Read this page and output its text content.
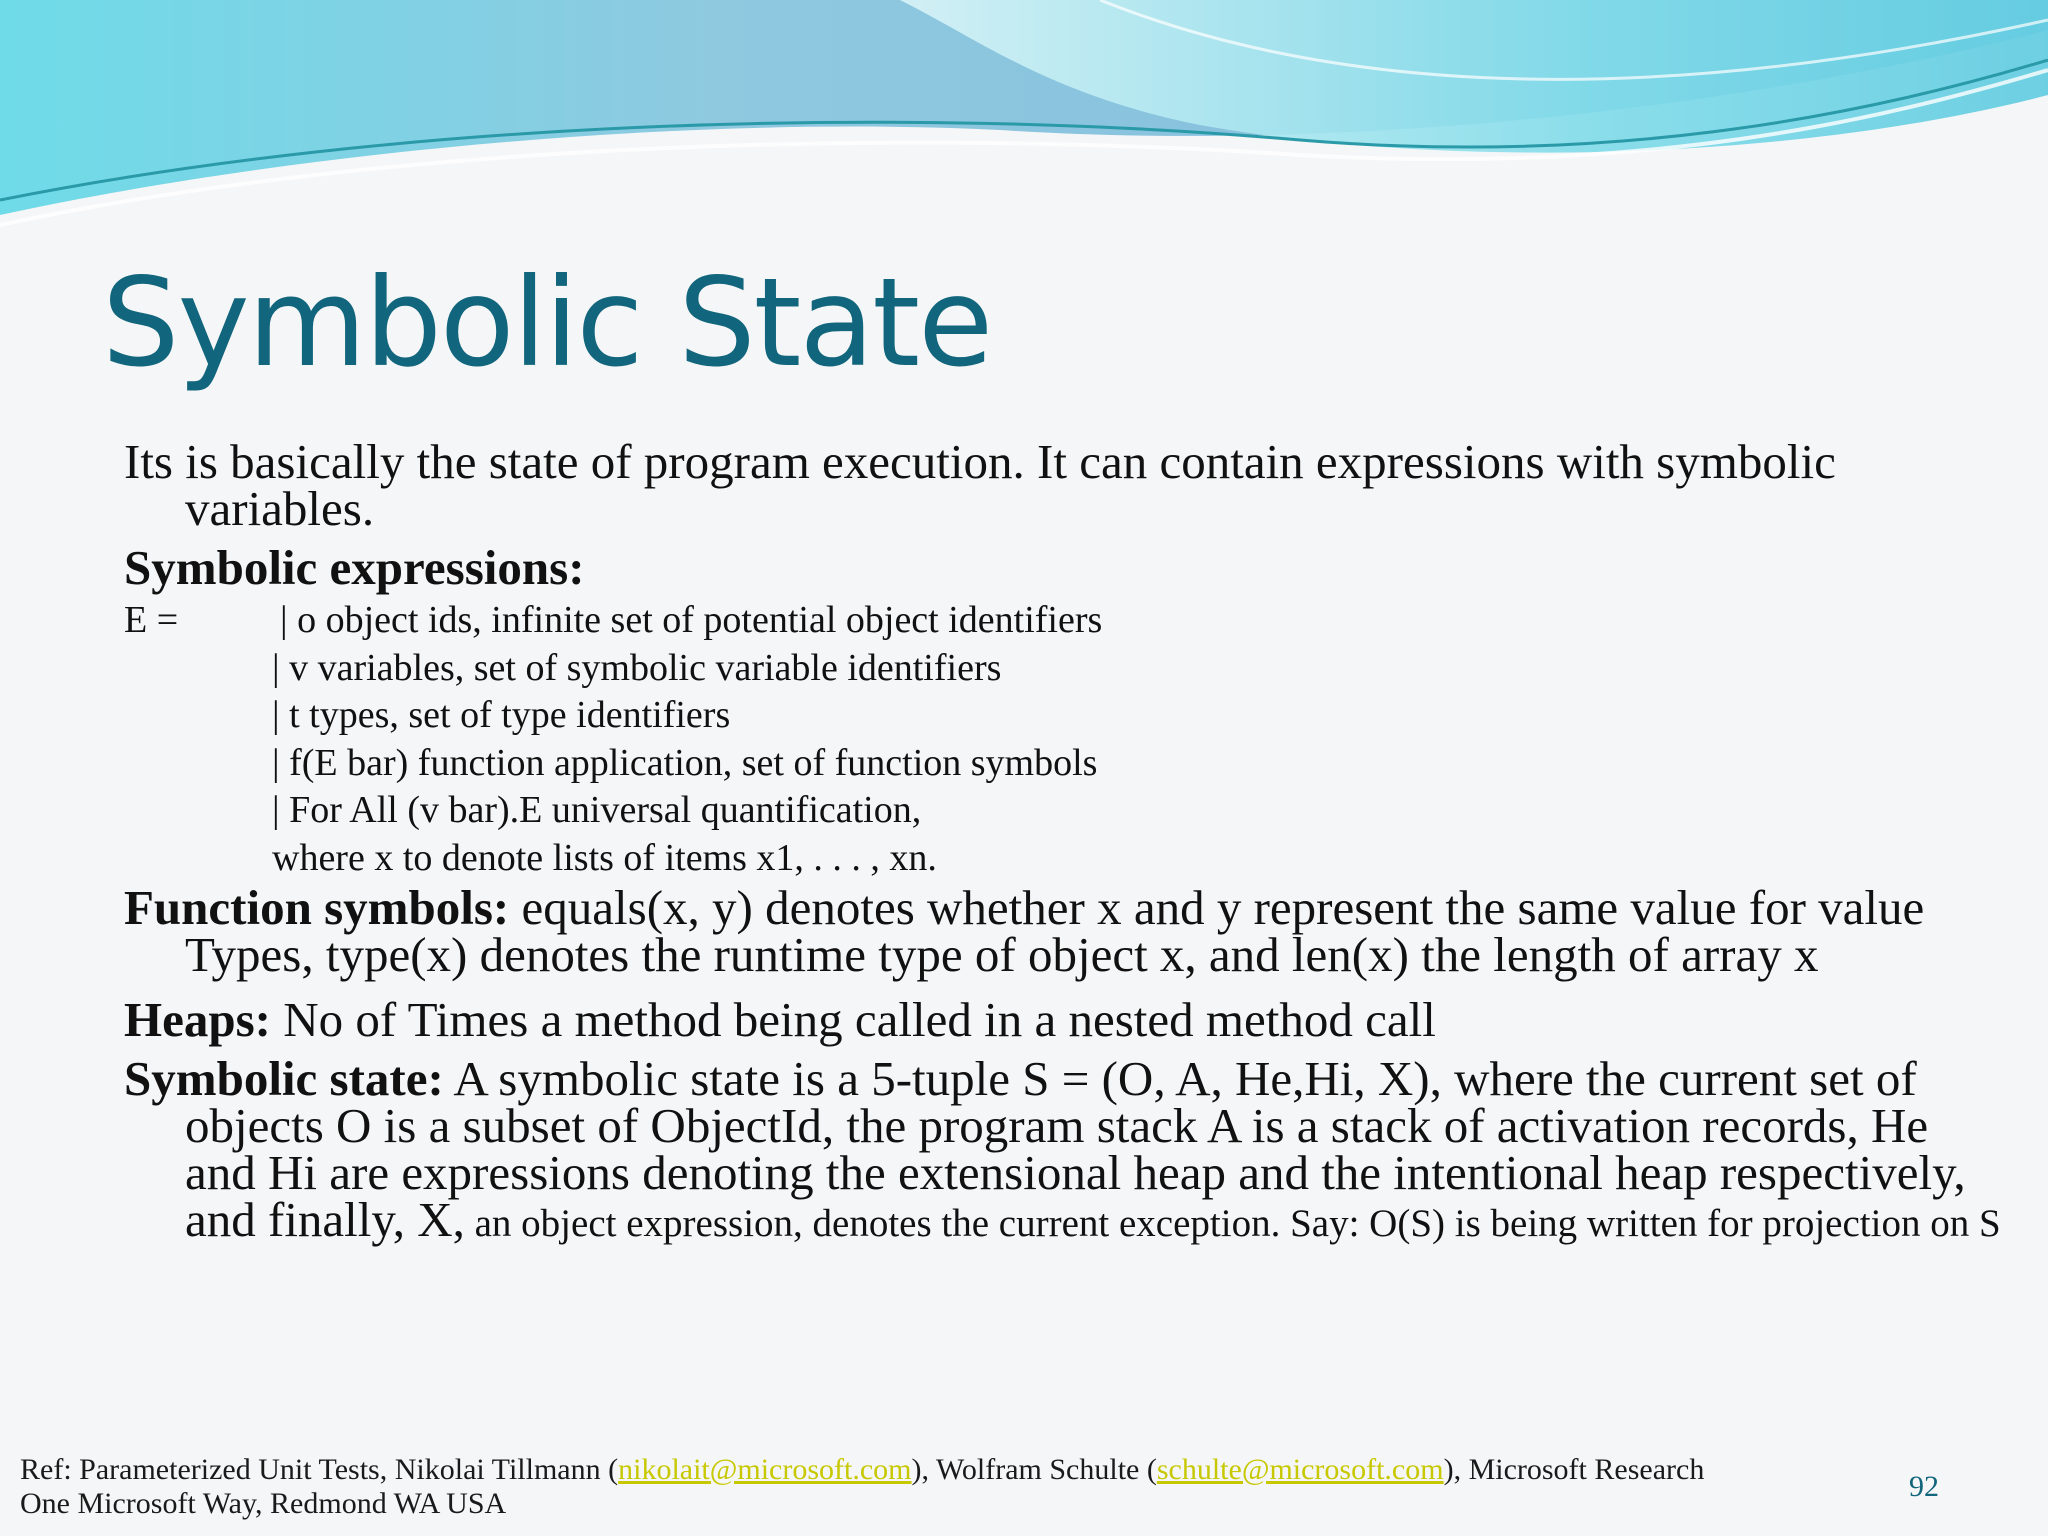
Symbolic State

Its is basically the state of program execution. It can contain expressions with symbolic variables.

Symbolic expressions:

E =	| o object ids, infinite set of potential object identifiers
| v variables, set of symbolic variable identifiers
| t types, set of type identifiers
| f(E bar) function application, set of function symbols
| For All (v bar).E universal quantification,
where x to denote lists of items x1, . . . , xn.

Function symbols: equals(x, y) denotes whether x and y represent the same value for value Types, type(x) denotes the runtime type of object x, and len(x) the length of array x

Heaps: No of Times a method being called in a nested method call

Symbolic state: A symbolic state is a 5-tuple S = (O, A, He,Hi, X), where the current set of objects O is a subset of ObjectId, the program stack A is a stack of activation records, He and Hi are expressions denoting the extensional heap and the intentional heap respectively, and finally, X, an object expression, denotes the current exception. Say: O(S) is being written for projection on S

Ref: Parameterized Unit Tests, Nikolai Tillmann (nikolait@microsoft.com), Wolfram Schulte (schulte@microsoft.com), Microsoft Research
One Microsoft Way, Redmond WA USA
92
